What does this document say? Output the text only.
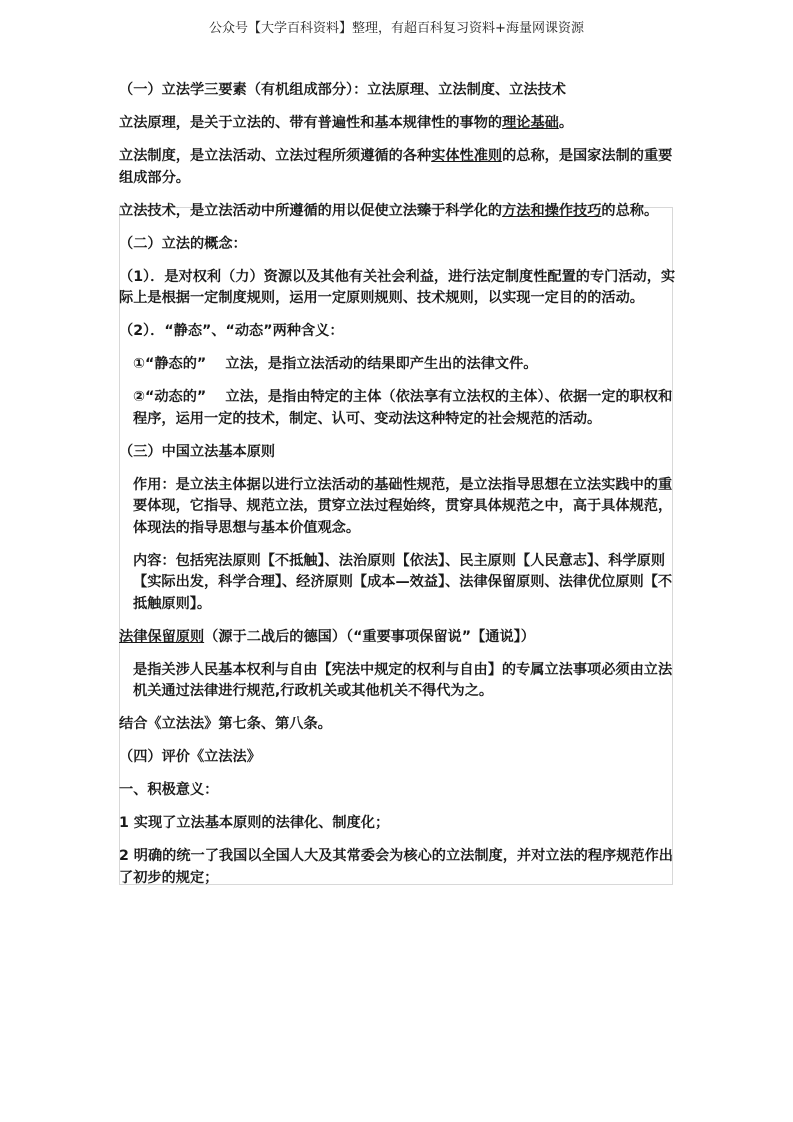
公众号【大学百科资料】整理，有超百科复习资料+海量网课资源

（一）立法学三要素（有机组成部分）：立法原理、立法制度、立法技术

立法原理，是关于立法的、带有普遍性和基本规律性的事物的理论基础。

立法制度，是立法活动、立法过程所须遵循的各种实体性准则的总称，是国家法制的重要组成部分。

立法技术，是立法活动中所遵循的用以促使立法臻于科学化的方法和操作技巧的总称。

（二）立法的概念：

（1）．是对权利（力）资源以及其他有关社会利益，进行法定制度性配置的专门活动，实际上是根据一定制度规则，运用一定原则规则、技术规则，以实现一定目的的活动。

（2）．“静态”、“动态”两种含义：

①“静态的”　 立法，是指立法活动的结果即产生出的法律文件。

②“动态的”　 立法，是指由特定的主体（依法享有立法权的主体）、依据一定的职权和程序，运用一定的技术，制定、认可、变动法这种特定的社会规范的活动。

（三）中国立法基本原则

作用：是立法主体据以进行立法活动的基础性规范，是立法指导思想在立法实践中的重要体现，它指导、规范立法，贯穿立法过程始终，贯穿具体规范之中，高于具体规范，体现法的指导思想与基本价值观念。

内容：包括宪法原则【不抵触】、法治原则【依法】、民主原则【人民意志】、科学原则【实际出发，科学合理】、经济原则【成本—效益】、法律保留原则、法律优位原则【不抵触原则】。

法律保留原则（源于二战后的德国）（“重要事项保留说”【通说】）

是指关涉人民基本权利与自由【宪法中规定的权利与自由】的专属立法事项必须由立法机关通过法律进行规范,行政机关或其他机关不得代为之。

结合《立法法》第七条、第八条。

（四）评价《立法法》

一、积极意义：

1 实现了立法基本原则的法律化、制度化；

2 明确的统一了我国以全国人大及其常委会为核心的立法制度，并对立法的程序规范作出了初步的规定；
